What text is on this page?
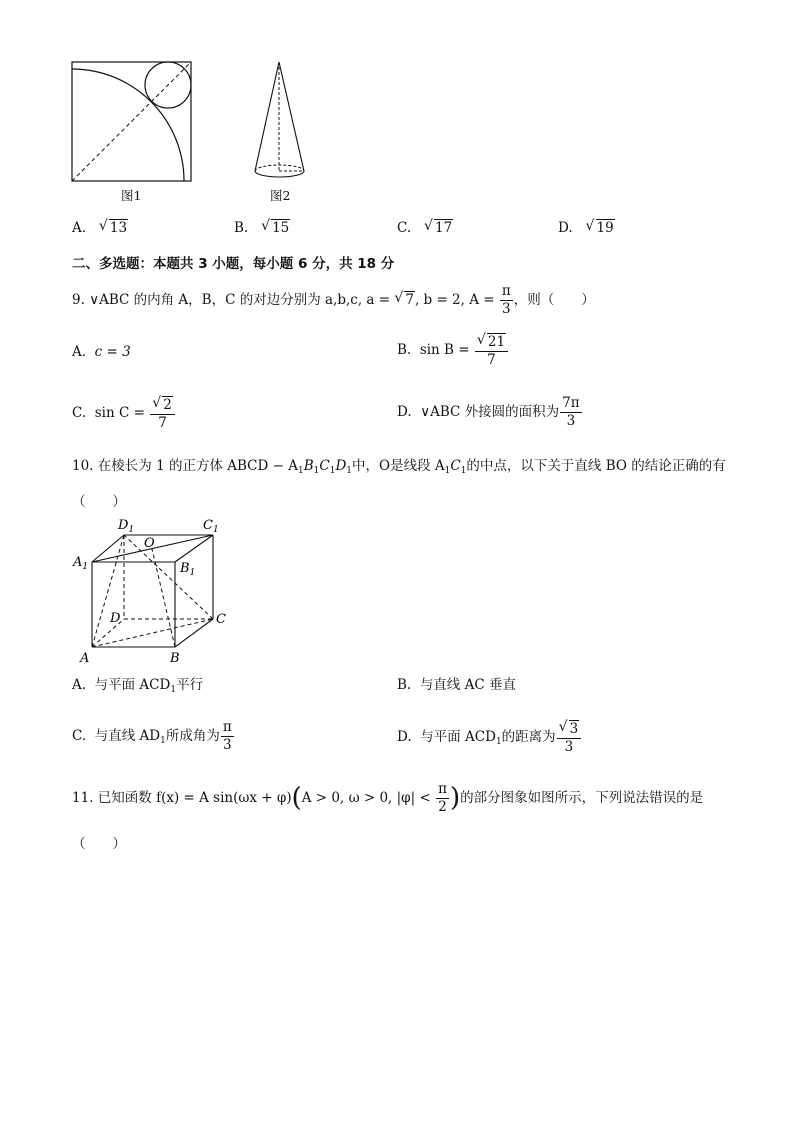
图1	图2
A. √ 13	B. √ 15	C. √ 17	D. √ 19
二、多选题：本题共 3 小题，每小题 6 分，共 18 分
9. ∨ABC 的内角 A，B，C 的对边分别为 a,b,c, a = √ 7, b = 2, $A = \frac{\pi}{3}$ ，则（　　）
A. c = 3	B. $\sin B = \frac{√ 21}{7}$
C. $\sin C = \frac{√ 2}{7}$	D. ∨ABC 外接圆的面积为 $\frac{7\pi}{3}$
10. 在棱长为 1 的正方体 ABCD − $A_1B_1C_1D_1$中，O是线段 $A_1C_1$的中点，以下关于直线 BO 的结论正确的有
（　　）
$D_1$	$C_1$
O
$A_1$	$B_1$
D	C
A	B
A. 与平面 $ACD_1$平行	B. 与直线 AC 垂直
C. 与直线 $AD_1$所成角为 $\frac{\pi}{3}$	D. 与平面 $ACD_1$的距离为 $\frac{√ 3}{3}$
11. 已知函数 f(x) = A sin(ωx + φ)(A > 0, ω > 0, $|\varphi| < \frac{\pi}{2}$ )的部分图象如图所示，下列说法错误的是
（　　）
